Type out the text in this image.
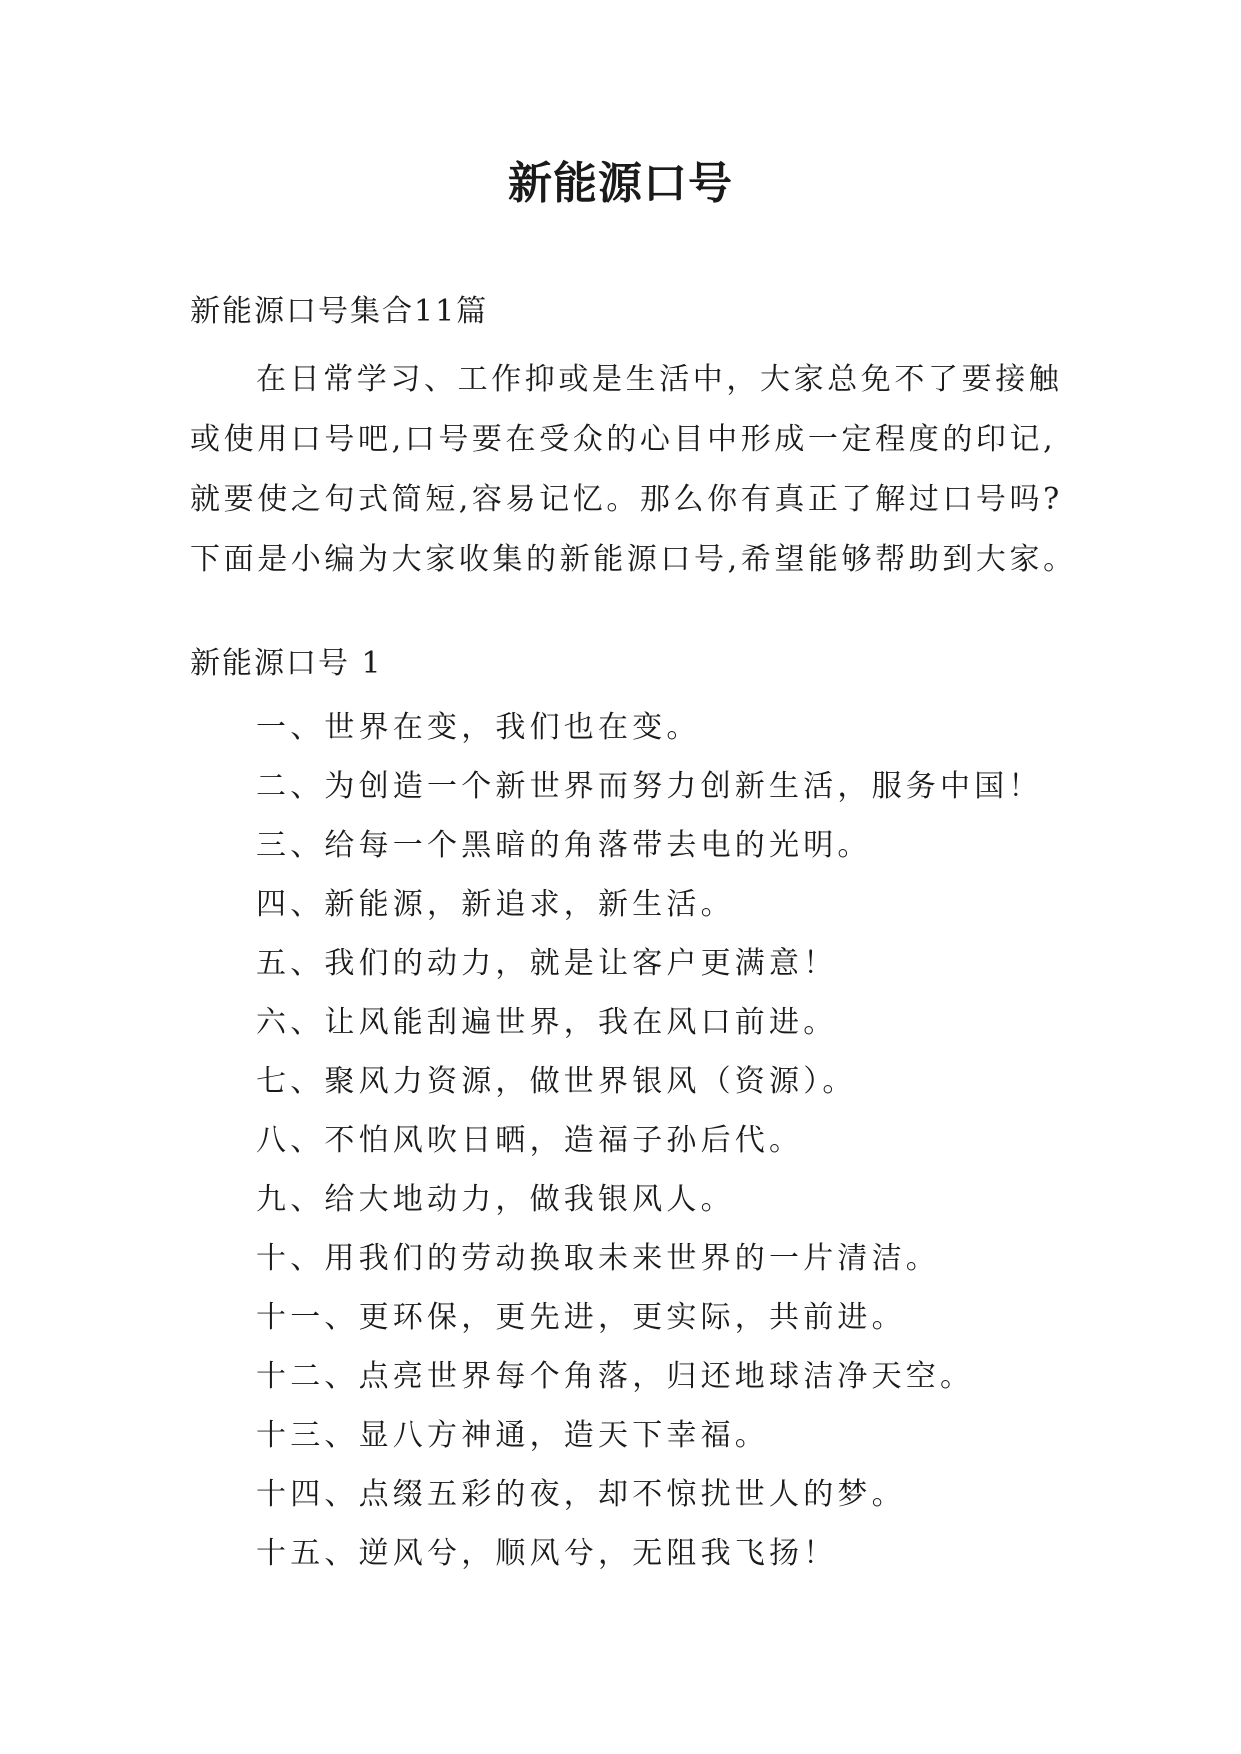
新能源口号
新能源口号集合11篇
在日常学习、工作抑或是生活中，大家总免不了要接触
或使用口号吧,口号要在受众的心目中形成一定程度的印记,
就要使之句式简短,容易记忆。那么你有真正了解过口号吗?
下面是小编为大家收集的新能源口号,希望能够帮助到大家。
新能源口号 1
一、世界在变，我们也在变。
二、为创造一个新世界而努力创新生活，服务中国！
三、给每一个黑暗的角落带去电的光明。
四、新能源，新追求，新生活。
五、我们的动力，就是让客户更满意！
六、让风能刮遍世界，我在风口前进。
七、聚风力资源，做世界银风（资源）。
八、不怕风吹日晒，造福子孙后代。
九、给大地动力，做我银风人。
十、用我们的劳动换取未来世界的一片清洁。
十一、更环保，更先进，更实际，共前进。
十二、点亮世界每个角落，归还地球洁净天空。
十三、显八方神通，造天下幸福。
十四、点缀五彩的夜，却不惊扰世人的梦。
十五、逆风兮，顺风兮，无阻我飞扬！
